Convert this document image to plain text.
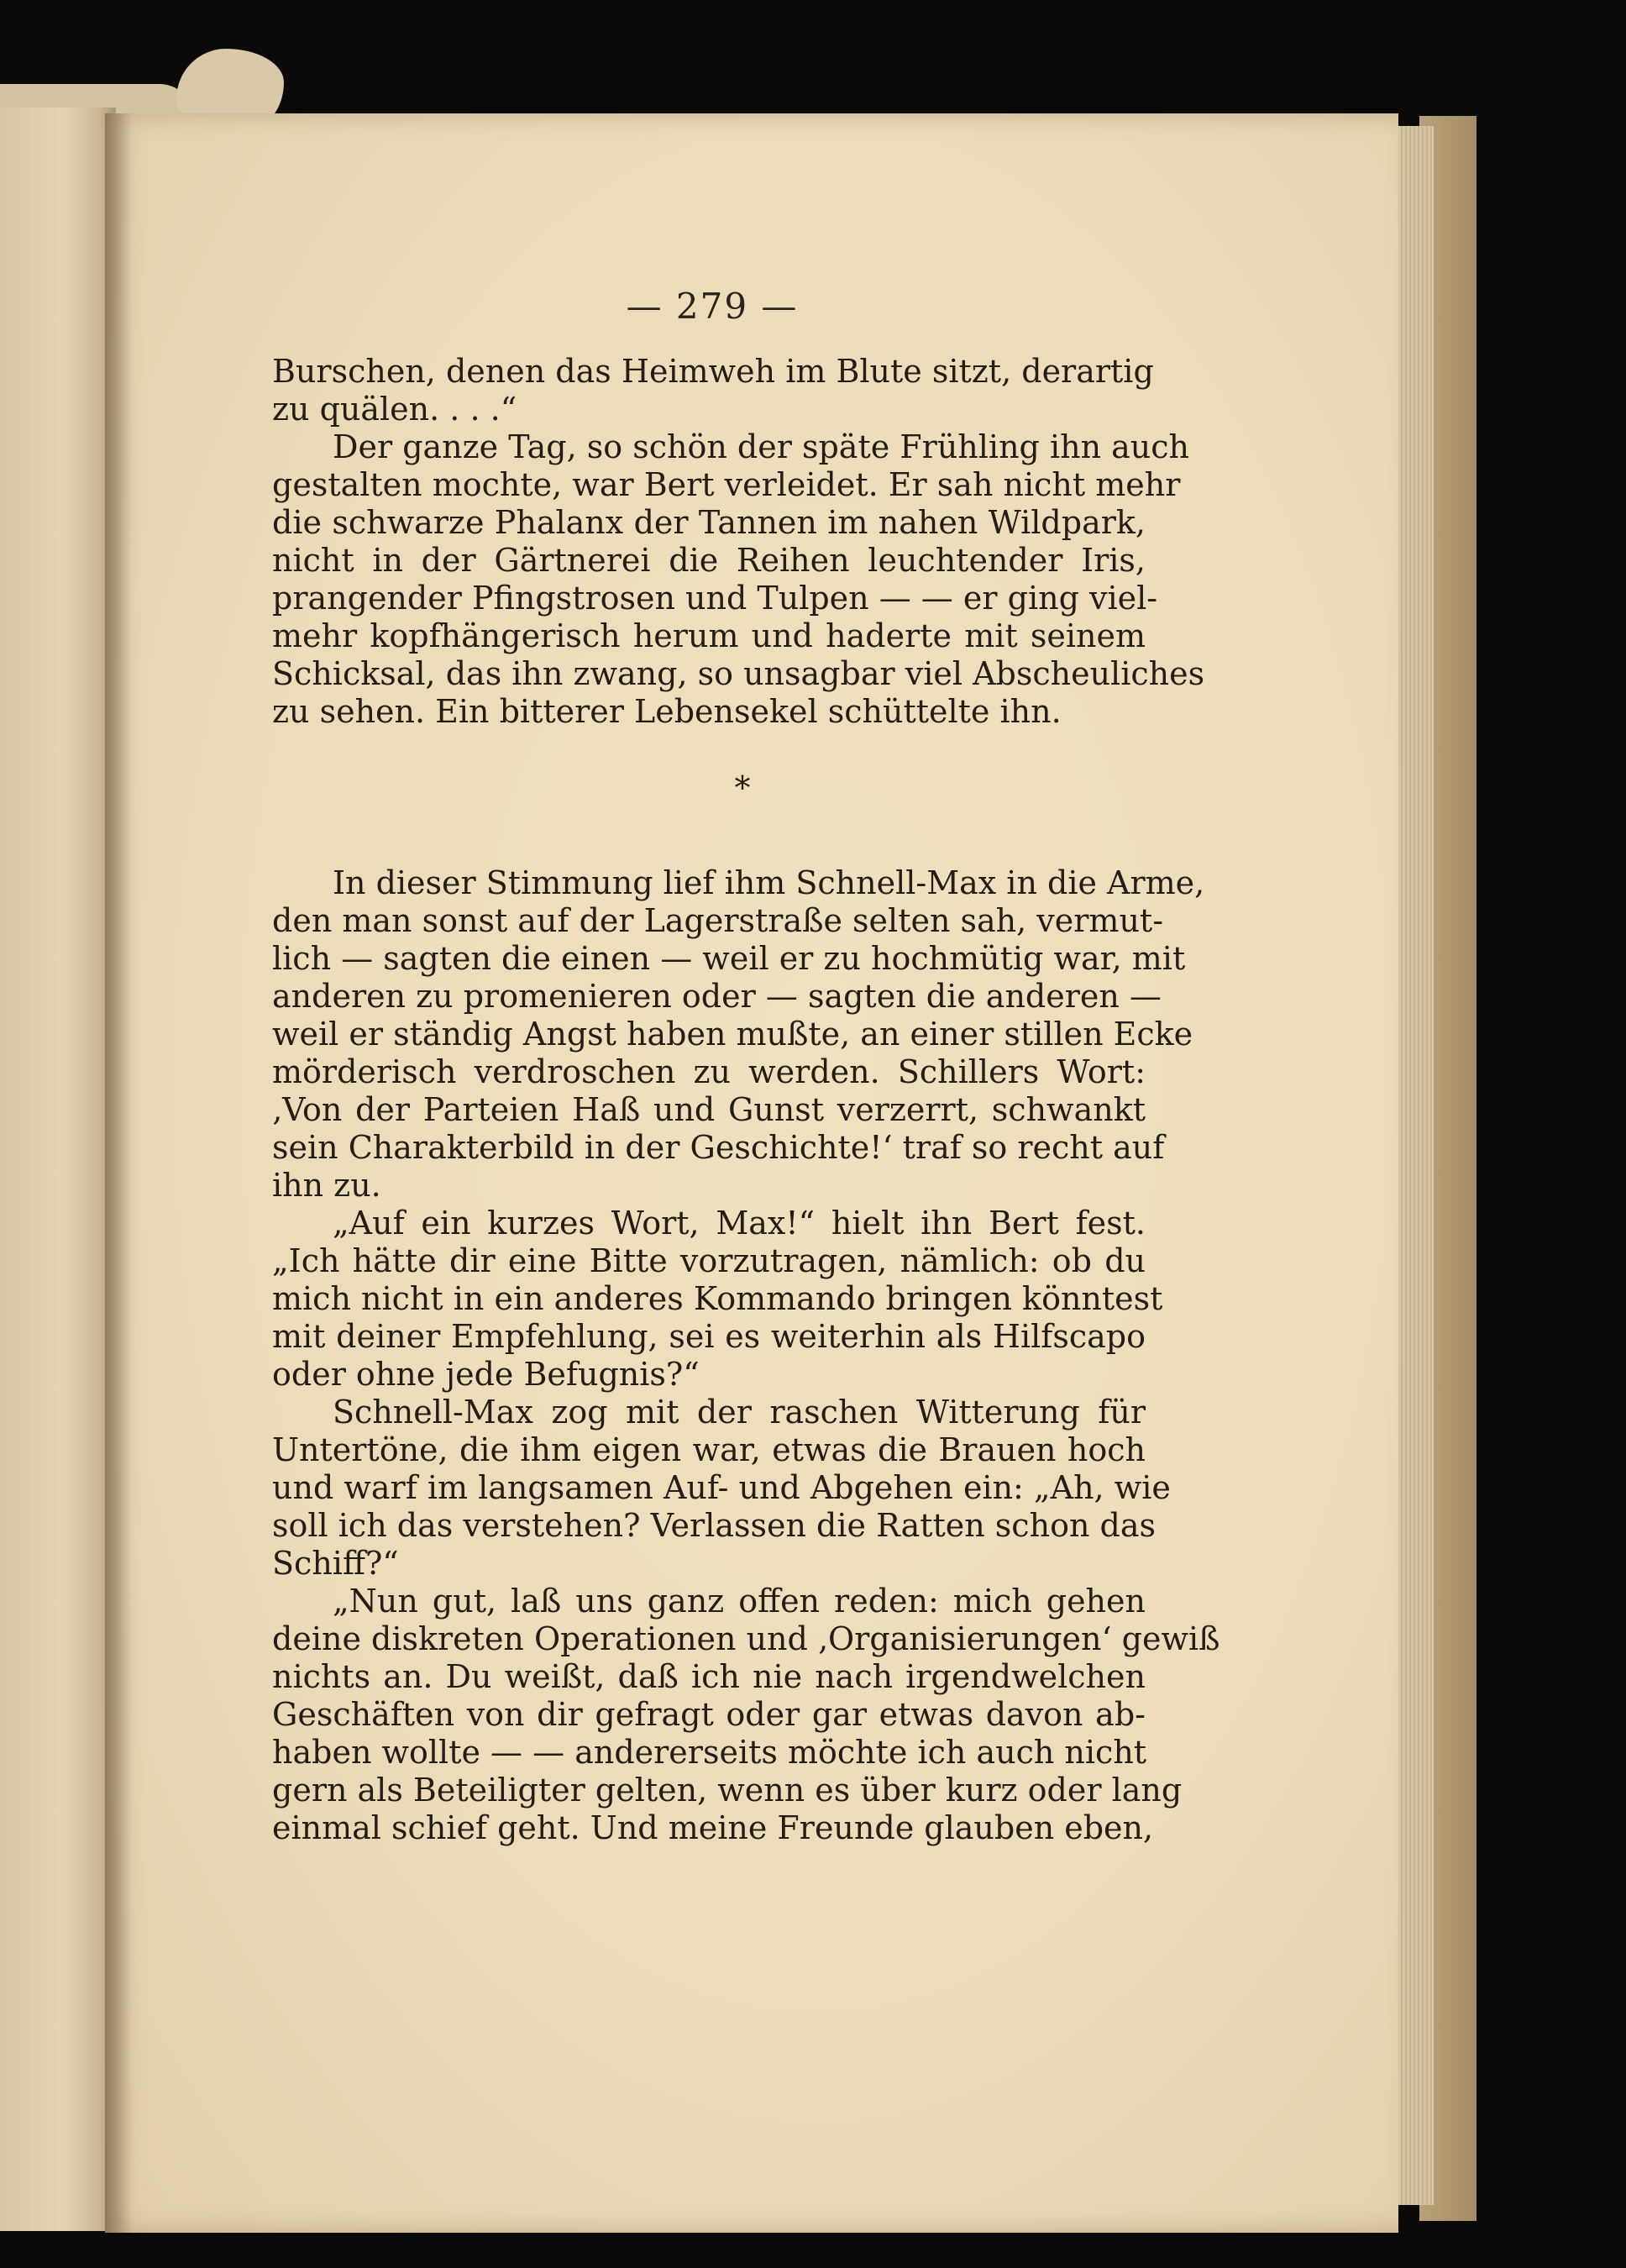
— 279 —
Burschen, denen das Heimweh im Blute sitzt, derartig
zu quälen. . . .“
Der ganze Tag, so schön der späte Frühling ihn auch
gestalten mochte, war Bert verleidet. Er sah nicht mehr
die schwarze Phalanx der Tannen im nahen Wildpark,
nicht in der Gärtnerei die Reihen leuchtender Iris,
prangender Pfingstrosen und Tulpen — — er ging viel-
mehr kopfhängerisch herum und haderte mit seinem
Schicksal, das ihn zwang, so unsagbar viel Abscheuliches
zu sehen. Ein bitterer Lebensekel schüttelte ihn.
*
In dieser Stimmung lief ihm Schnell-Max in die Arme,
den man sonst auf der Lagerstraße selten sah, vermut-
lich — sagten die einen — weil er zu hochmütig war, mit
anderen zu promenieren oder — sagten die anderen —
weil er ständig Angst haben mußte, an einer stillen Ecke
mörderisch verdroschen zu werden. Schillers Wort:
‚Von der Parteien Haß und Gunst verzerrt, schwankt
sein Charakterbild in der Geschichte!‘ traf so recht auf
ihn zu.
„Auf ein kurzes Wort, Max!“ hielt ihn Bert fest.
„Ich hätte dir eine Bitte vorzutragen, nämlich: ob du
mich nicht in ein anderes Kommando bringen könntest
mit deiner Empfehlung, sei es weiterhin als Hilfscapo
oder ohne jede Befugnis?“
Schnell-Max zog mit der raschen Witterung für
Untertöne, die ihm eigen war, etwas die Brauen hoch
und warf im langsamen Auf- und Abgehen ein: „Ah, wie
soll ich das verstehen? Verlassen die Ratten schon das
Schiff?“
„Nun gut, laß uns ganz offen reden: mich gehen
deine diskreten Operationen und ‚Organisierungen‘ gewiß
nichts an. Du weißt, daß ich nie nach irgendwelchen
Geschäften von dir gefragt oder gar etwas davon ab-
haben wollte — — andererseits möchte ich auch nicht
gern als Beteiligter gelten, wenn es über kurz oder lang
einmal schief geht. Und meine Freunde glauben eben,
